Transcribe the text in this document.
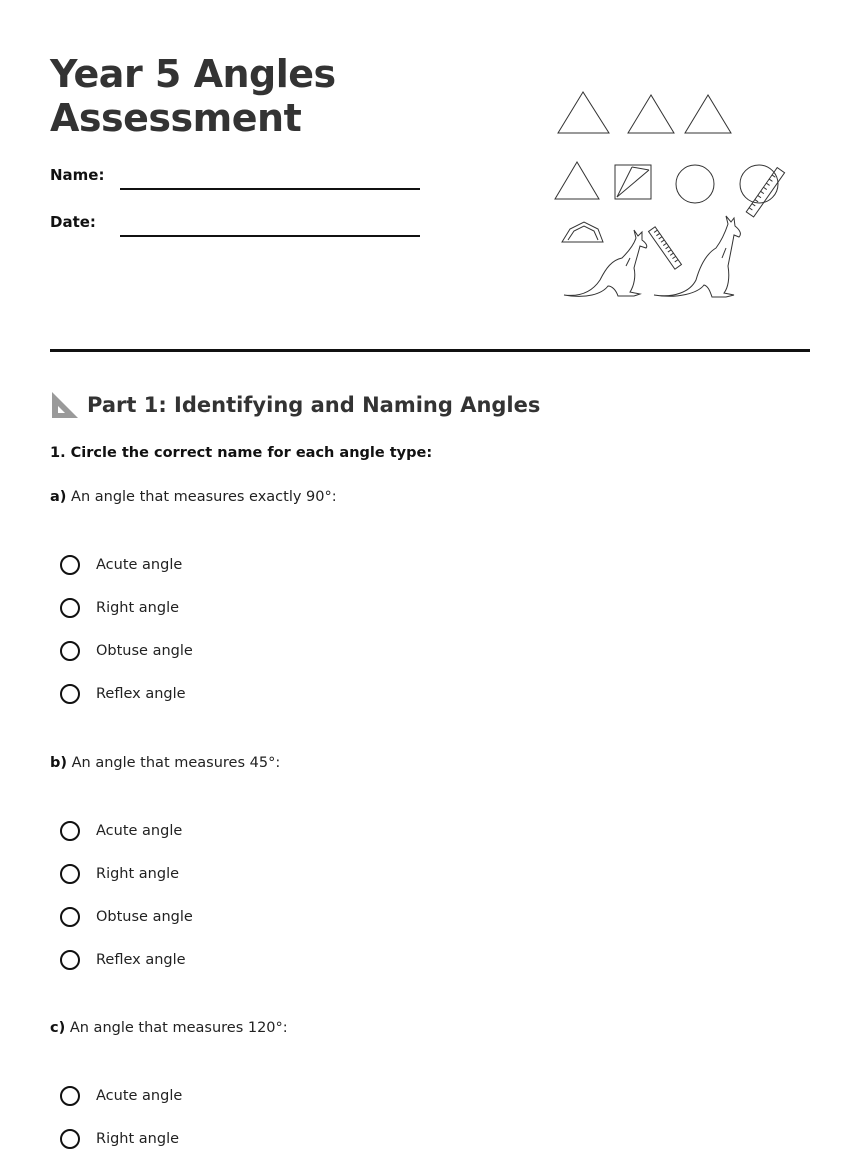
Year 5 Angles
Assessment
Name:
Date:
Part 1: Identifying and Naming Angles
1. Circle the correct name for each angle type:
a) An angle that measures exactly 90°:
Acute angle
Right angle
Obtuse angle
Reflex angle
b) An angle that measures 45°:
Acute angle
Right angle
Obtuse angle
Reflex angle
c) An angle that measures 120°:
Acute angle
Right angle
